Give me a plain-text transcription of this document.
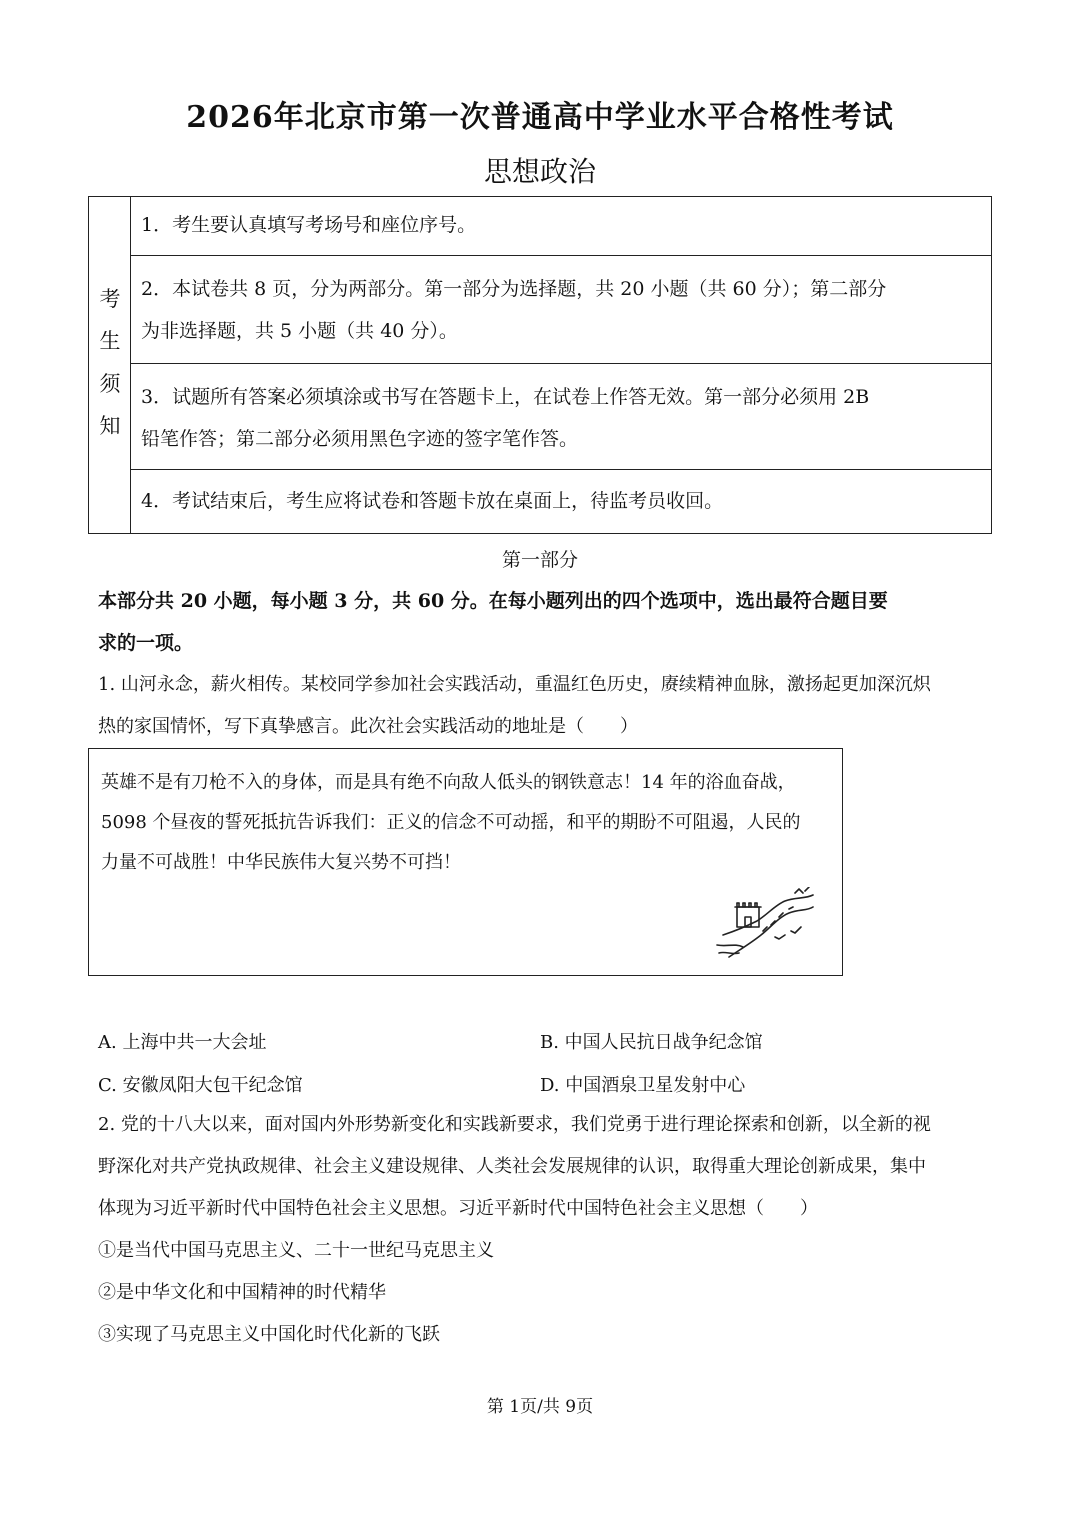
2026年北京市第一次普通高中学业水平合格性考试
思想政治
考
生
须
知
1．考生要认真填写考场号和座位序号。
2．本试卷共 8 页，分为两部分。第一部分为选择题，共 20 小题（共 60 分）；第二部分
为非选择题，共 5 小题（共 40 分）。
3．试题所有答案必须填涂或书写在答题卡上，在试卷上作答无效。第一部分必须用 2B
铅笔作答；第二部分必须用黑色字迹的签字笔作答。
4．考试结束后，考生应将试卷和答题卡放在桌面上，待监考员收回。
第一部分
本部分共 20 小题，每小题 3 分，共 60 分。在每小题列出的四个选项中，选出最符合题目要
求的一项。
1. 山河永念，薪火相传。某校同学参加社会实践活动，重温红色历史，赓续精神血脉，激扬起更加深沉炽
热的家国情怀，写下真挚感言。此次社会实践活动的地址是（　　）
英雄不是有刀枪不入的身体，而是具有绝不向敌人低头的钢铁意志！14 年的浴血奋战，
5098 个昼夜的誓死抵抗告诉我们：正义的信念不可动摇，和平的期盼不可阻遏，人民的
力量不可战胜！中华民族伟大复兴势不可挡！
A. 上海中共一大会址	B. 中国人民抗日战争纪念馆
C. 安徽凤阳大包干纪念馆	D. 中国酒泉卫星发射中心
2. 党的十八大以来，面对国内外形势新变化和实践新要求，我们党勇于进行理论探索和创新，以全新的视
野深化对共产党执政规律、社会主义建设规律、人类社会发展规律的认识，取得重大理论创新成果，集中
体现为习近平新时代中国特色社会主义思想。习近平新时代中国特色社会主义思想（　　）
①是当代中国马克思主义、二十一世纪马克思主义
②是中华文化和中国精神的时代精华
③实现了马克思主义中国化时代化新的飞跃
第 1页/共 9页
